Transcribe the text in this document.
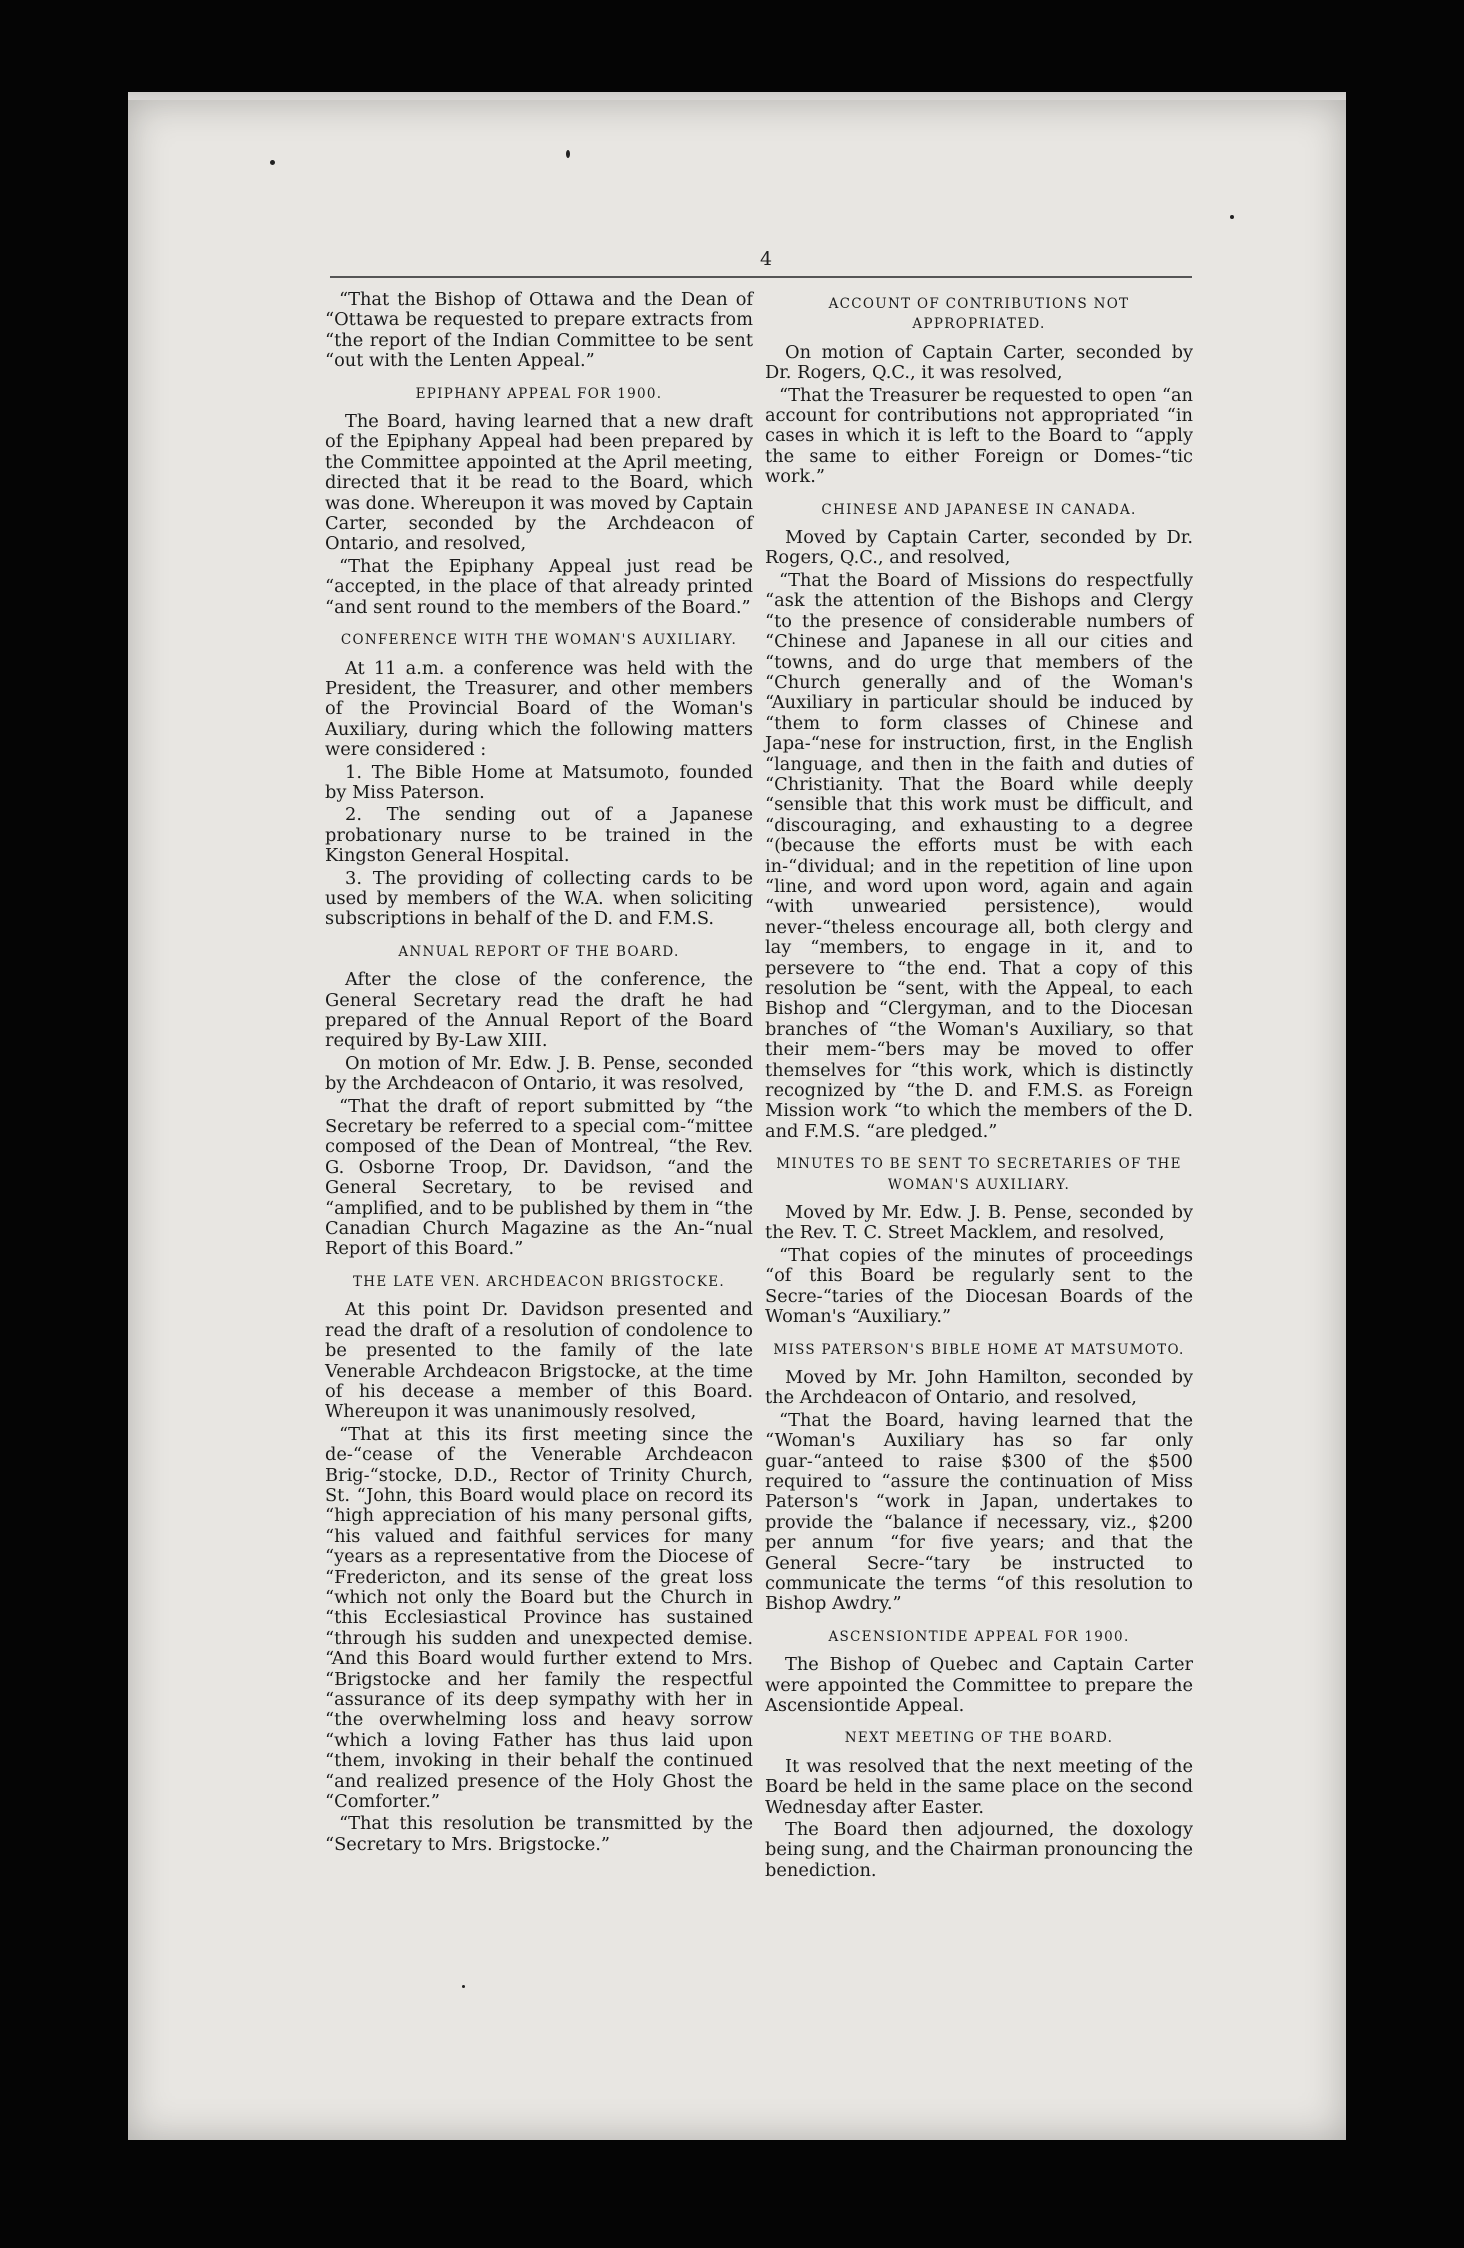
4

“That the Bishop of Ottawa and the Dean of “Ottawa be requested to prepare extracts from “the report of the Indian Committee to be sent “out with the Lenten Appeal.”

EPIPHANY APPEAL FOR 1900.

The Board, having learned that a new draft of the Epiphany Appeal had been prepared by the Committee appointed at the April meeting, directed that it be read to the Board, which was done. Whereupon it was moved by Captain Carter, seconded by the Archdeacon of Ontario, and resolved,

“That the Epiphany Appeal just read be “accepted, in the place of that already printed “and sent round to the members of the Board.”

CONFERENCE WITH THE WOMAN'S AUXILIARY.

At 11 a.m. a conference was held with the President, the Treasurer, and other members of the Provincial Board of the Woman's Auxiliary, during which the following matters were considered :

1. The Bible Home at Matsumoto, founded by Miss Paterson.

2. The sending out of a Japanese probationary nurse to be trained in the Kingston General Hospital.

3. The providing of collecting cards to be used by members of the W.A. when soliciting subscriptions in behalf of the D. and F.M.S.

ANNUAL REPORT OF THE BOARD.

After the close of the conference, the General Secretary read the draft he had prepared of the Annual Report of the Board required by By-Law XIII.

On motion of Mr. Edw. J. B. Pense, seconded by the Archdeacon of Ontario, it was resolved,

“That the draft of report submitted by “the Secretary be referred to a special com-“mittee composed of the Dean of Montreal, “the Rev. G. Osborne Troop, Dr. Davidson, “and the General Secretary, to be revised and “amplified, and to be published by them in “the Canadian Church Magazine as the An-“nual Report of this Board.”

THE LATE VEN. ARCHDEACON BRIGSTOCKE.

At this point Dr. Davidson presented and read the draft of a resolution of condolence to be presented to the family of the late Venerable Archdeacon Brigstocke, at the time of his decease a member of this Board. Whereupon it was unanimously resolved,

“That at this its first meeting since the de-“cease of the Venerable Archdeacon Brig-“stocke, D.D., Rector of Trinity Church, St. “John, this Board would place on record its “high appreciation of his many personal gifts, “his valued and faithful services for many “years as a representative from the Diocese of “Fredericton, and its sense of the great loss “which not only the Board but the Church in “this Ecclesiastical Province has sustained “through his sudden and unexpected demise. “And this Board would further extend to Mrs. “Brigstocke and her family the respectful “assurance of its deep sympathy with her in “the overwhelming loss and heavy sorrow “which a loving Father has thus laid upon “them, invoking in their behalf the continued “and realized presence of the Holy Ghost the “Comforter.”

“That this resolution be transmitted by the “Secretary to Mrs. Brigstocke.”

ACCOUNT OF CONTRIBUTIONS NOT APPROPRIATED.

On motion of Captain Carter, seconded by Dr. Rogers, Q.C., it was resolved,

“That the Treasurer be requested to open “an account for contributions not appropriated “in cases in which it is left to the Board to “apply the same to either Foreign or Domes-“tic work.”

CHINESE AND JAPANESE IN CANADA.

Moved by Captain Carter, seconded by Dr. Rogers, Q.C., and resolved,

“That the Board of Missions do respectfully “ask the attention of the Bishops and Clergy “to the presence of considerable numbers of “Chinese and Japanese in all our cities and “towns, and do urge that members of the “Church generally and of the Woman's “Auxiliary in particular should be induced by “them to form classes of Chinese and Japa-“nese for instruction, first, in the English “language, and then in the faith and duties of “Christianity. That the Board while deeply “sensible that this work must be difficult, and “discouraging, and exhausting to a degree “(because the efforts must be with each in-“dividual; and in the repetition of line upon “line, and word upon word, again and again “with unwearied persistence), would never-“theless encourage all, both clergy and lay “members, to engage in it, and to persevere to “the end. That a copy of this resolution be “sent, with the Appeal, to each Bishop and “Clergyman, and to the Diocesan branches of “the Woman's Auxiliary, so that their mem-“bers may be moved to offer themselves for “this work, which is distinctly recognized by “the D. and F.M.S. as Foreign Mission work “to which the members of the D. and F.M.S. “are pledged.”

MINUTES TO BE SENT TO SECRETARIES OF THE WOMAN'S AUXILIARY.

Moved by Mr. Edw. J. B. Pense, seconded by the Rev. T. C. Street Macklem, and resolved,

“That copies of the minutes of proceedings “of this Board be regularly sent to the Secre-“taries of the Diocesan Boards of the Woman's “Auxiliary.”

MISS PATERSON'S BIBLE HOME AT MATSUMOTO.

Moved by Mr. John Hamilton, seconded by the Archdeacon of Ontario, and resolved,

“That the Board, having learned that the “Woman's Auxiliary has so far only guar-“anteed to raise $300 of the $500 required to “assure the continuation of Miss Paterson's “work in Japan, undertakes to provide the “balance if necessary, viz., $200 per annum “for five years; and that the General Secre-“tary be instructed to communicate the terms “of this resolution to Bishop Awdry.”

ASCENSIONTIDE APPEAL FOR 1900.

The Bishop of Quebec and Captain Carter were appointed the Committee to prepare the Ascensiontide Appeal.

NEXT MEETING OF THE BOARD.

It was resolved that the next meeting of the Board be held in the same place on the second Wednesday after Easter.

The Board then adjourned, the doxology being sung, and the Chairman pronouncing the benediction.
